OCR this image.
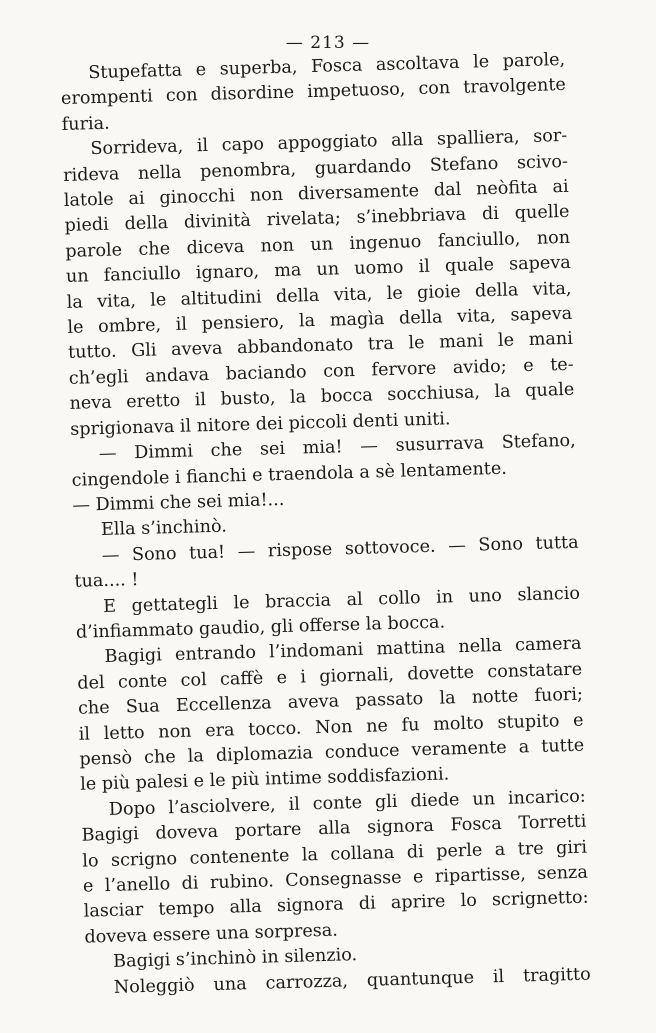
— 213 —
Stupefatta e superba, Fosca ascoltava le parole,
erompenti con disordine impetuoso, con travolgente
furia.
Sorrideva, il capo appoggiato alla spalliera, sor-
rideva nella penombra, guardando Stefano scivo-
latole ai ginocchi non diversamente dal neòfita ai
piedi della divinità rivelata; s’inebbriava di quelle
parole che diceva non un ingenuo fanciullo, non
un fanciullo ignaro, ma un uomo il quale sapeva
la vita, le altitudini della vita, le gioie della vita,
le ombre, il pensiero, la magìa della vita, sapeva
tutto. Gli aveva abbandonato tra le mani le mani
ch’egli andava baciando con fervore avido; e te-
neva eretto il busto, la bocca socchiusa, la quale
sprigionava il nitore dei piccoli denti uniti.
— Dimmi che sei mia! — susurrava Stefano,
cingendole i fianchi e traendola a sè lentamente.
— Dimmi che sei mia!...
Ella s’inchinò.
— Sono tua! — rispose sottovoce. — Sono tutta
tua.... !
E gettategli le braccia al collo in uno slancio
d’infiammato gaudio, gli offerse la bocca.
Bagigi entrando l’indomani mattina nella camera
del conte col caffè e i giornali, dovette constatare
che Sua Eccellenza aveva passato la notte fuori;
il letto non era tocco. Non ne fu molto stupito e
pensò che la diplomazia conduce veramente a tutte
le più palesi e le più intime soddisfazioni.
Dopo l’asciolvere, il conte gli diede un incarico:
Bagigi doveva portare alla signora Fosca Torretti
lo scrigno contenente la collana di perle a tre giri
e l’anello di rubino. Consegnasse e ripartisse, senza
lasciar tempo alla signora di aprire lo scrignetto:
doveva essere una sorpresa.
Bagigi s’inchinò in silenzio.
Noleggiò una carrozza, quantunque il tragitto
